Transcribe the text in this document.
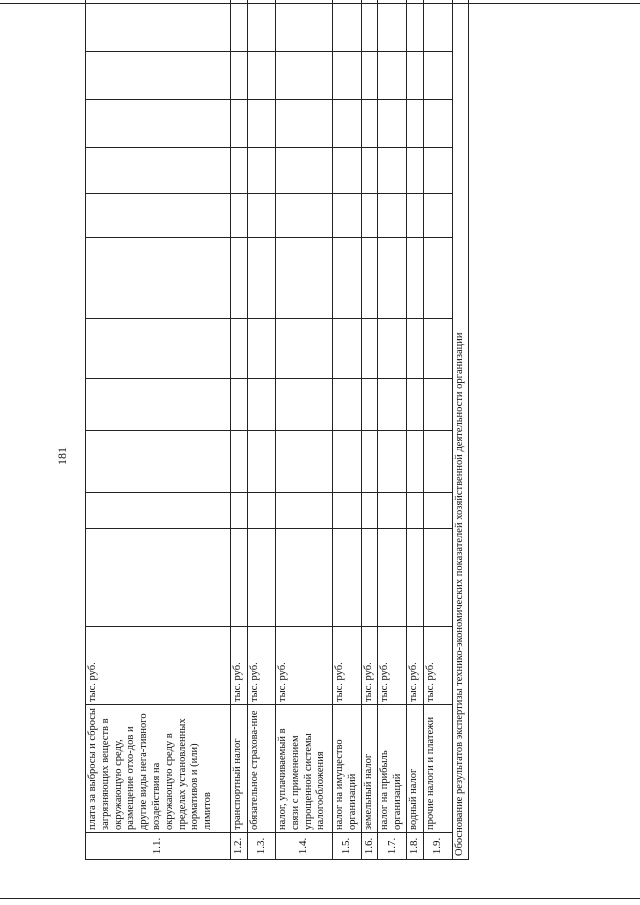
181
1.1.	плата за выбросы и сбросы загрязняющих веществ в окружающую среду, размещение отхо-дов и другие виды нега-тивного воздействия на окружающую среду в пределах установленных нормативов и (или) лимитов	тыс. руб.											
1.2.	транспортный налог	тыс. руб.											
1.3.	обязательное страхова-ние	тыс. руб.											
1.4.	налог, уплачиваемый в связи с применением упрощенной системы налогообложения	тыс. руб.											
1.5.	налог на имущество организаций	тыс. руб.											
1.6.	земельный налог	тыс. руб.											
1.7.	налог на прибыль организаций	тыс. руб.											
1.8.	водный налог	тыс. руб.											
1.9.	прочие налоги и платежи	тыс. руб.											
Обоснование результатов экспертизы технико-экономических показателей хозяйственной деятельности организации													
